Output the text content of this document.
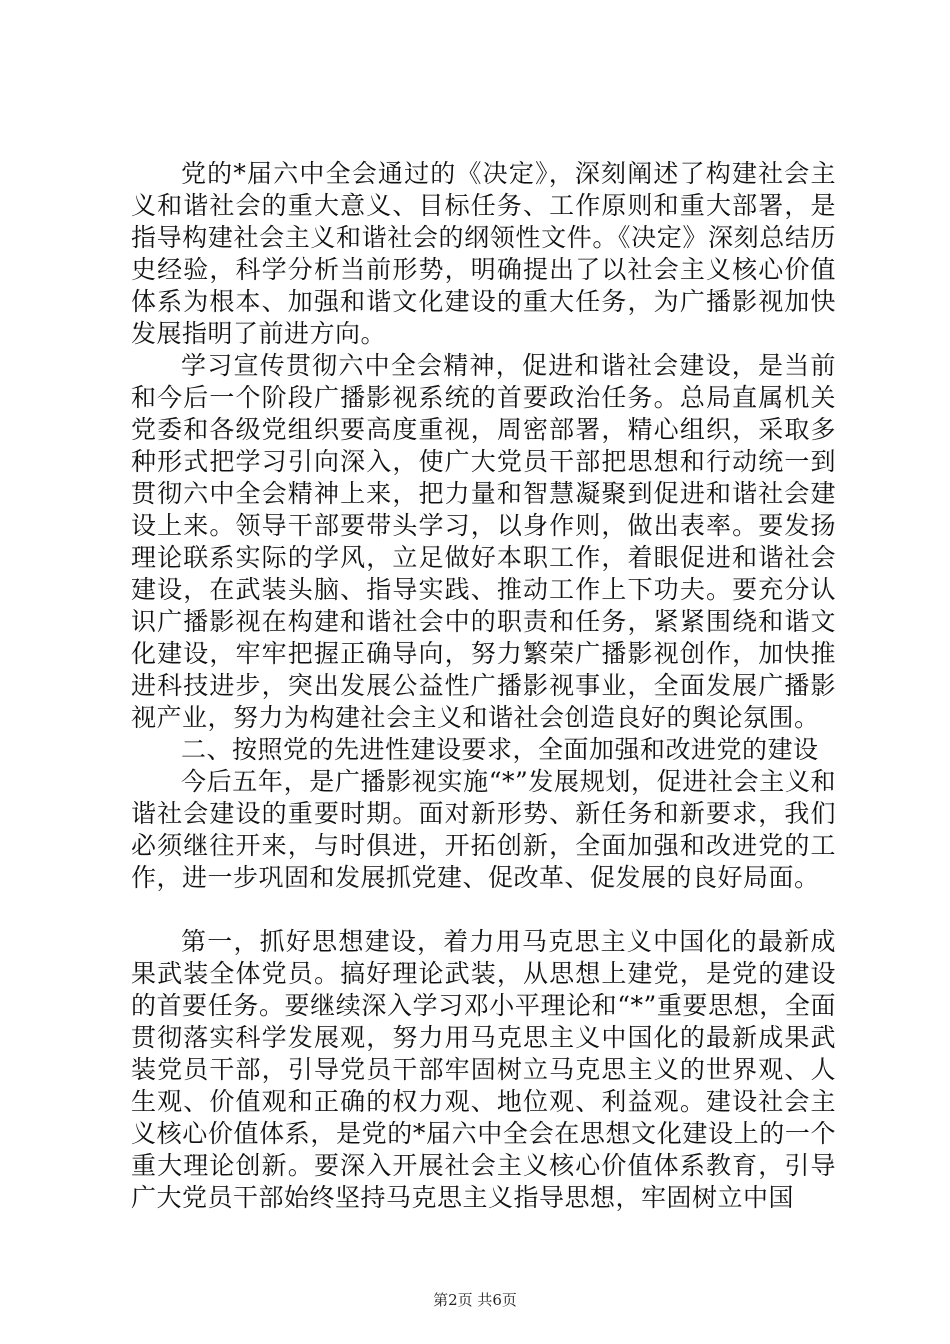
党的*届六中全会通过的《决定》，深刻阐述了构建社会主义和谐社会的重大意义、目标任务、工作原则和重大部署，是指导构建社会主义和谐社会的纲领性文件。《决定》深刻总结历史经验，科学分析当前形势，明确提出了以社会主义核心价值体系为根本、加强和谐文化建设的重大任务，为广播影视加快发展指明了前进方向。

学习宣传贯彻六中全会精神，促进和谐社会建设，是当前和今后一个阶段广播影视系统的首要政治任务。总局直属机关党委和各级党组织要高度重视，周密部署，精心组织，采取多种形式把学习引向深入，使广大党员干部把思想和行动统一到贯彻六中全会精神上来，把力量和智慧凝聚到促进和谐社会建设上来。领导干部要带头学习，以身作则，做出表率。要发扬理论联系实际的学风，立足做好本职工作，着眼促进和谐社会建设，在武装头脑、指导实践、推动工作上下功夫。要充分认识广播影视在构建和谐社会中的职责和任务，紧紧围绕和谐文化建设，牢牢把握正确导向，努力繁荣广播影视创作，加快推进科技进步，突出发展公益性广播影视事业，全面发展广播影视产业，努力为构建社会主义和谐社会创造良好的舆论氛围。

二、按照党的先进性建设要求，全面加强和改进党的建设

今后五年，是广播影视实施“*”发展规划，促进社会主义和谐社会建设的重要时期。面对新形势、新任务和新要求，我们必须继往开来，与时俱进，开拓创新，全面加强和改进党的工作，进一步巩固和发展抓党建、促改革、促发展的良好局面。

第一，抓好思想建设，着力用马克思主义中国化的最新成果武装全体党员。搞好理论武装，从思想上建党，是党的建设的首要任务。要继续深入学习邓小平理论和“*”重要思想，全面贯彻落实科学发展观，努力用马克思主义中国化的最新成果武装党员干部，引导党员干部牢固树立马克思主义的世界观、人生观、价值观和正确的权力观、地位观、利益观。建设社会主义核心价值体系，是党的*届六中全会在思想文化建设上的一个重大理论创新。要深入开展社会主义核心价值体系教育，引导广大党员干部始终坚持马克思主义指导思想，牢固树立中国

第2页 共6页
